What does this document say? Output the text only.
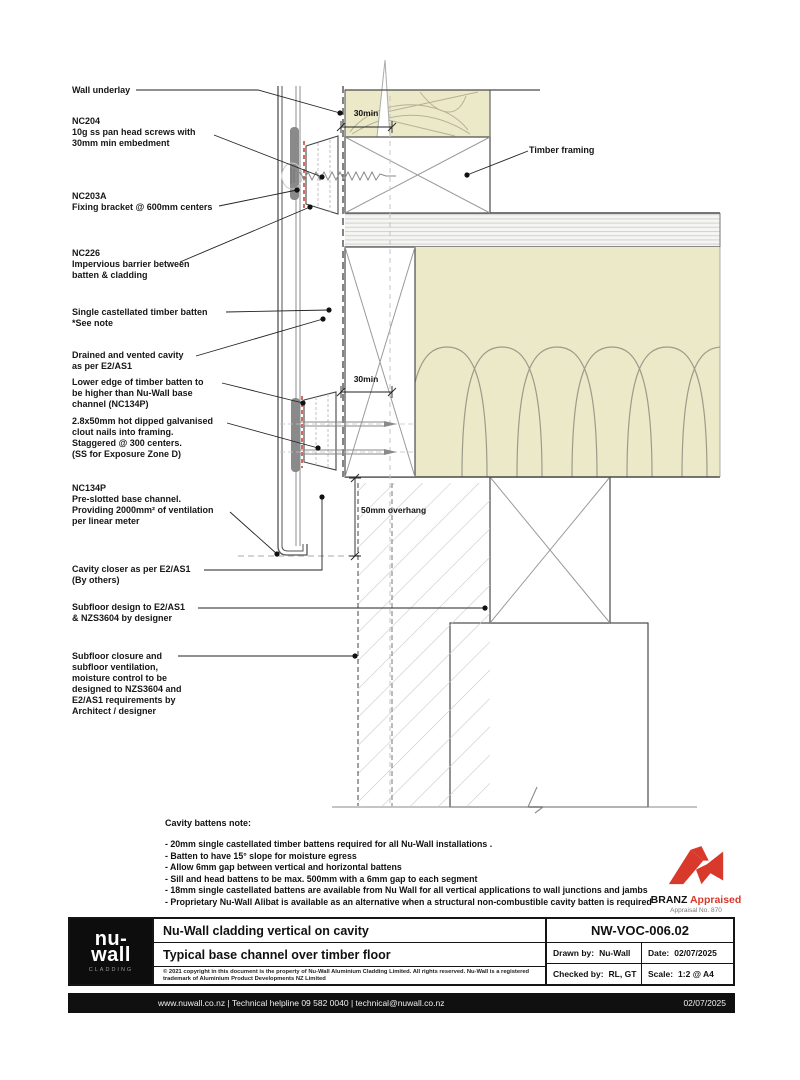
Wall underlay
NC204
10g ss pan head screws with
30mm min embedment
NC203A
Fixing bracket @ 600mm centers
NC226
Impervious barrier between
batten & cladding
Single castellated timber batten
*See note
Drained and vented cavity
as per E2/AS1
Lower edge of timber batten to
be higher than Nu-Wall base
channel (NC134P)
2.8x50mm hot dipped galvanised
clout nails into framing.
Staggered @ 300 centers.
(SS for Exposure Zone D)
NC134P
Pre-slotted base channel.
Providing 2000mm² of ventilation
per linear meter
Cavity closer as per E2/AS1
(By others)
Subfloor design to E2/AS1
& NZS3604 by designer
Subfloor closure and
subfloor ventilation,
moisture control to be
designed to NZS3604 and
E2/AS1 requirements by
Architect / designer
Timber framing
30min
30min
50mm overhang
Cavity battens note:
- 20mm single castellated timber battens required for all Nu-Wall installations .
- Batten to have 15° slope for moisture egress
- Allow 6mm gap between vertical and horizontal battens
- Sill and head battens to be max. 500mm with a 6mm gap to each segment
- 18mm single castellated battens are available from Nu Wall for all vertical applications to wall junctions and jambs
- Proprietary Nu-Wall Alibat is available as an alternative when a structural non-combustible cavity batten is required
BRANZ Appraised
Appraisal No. 870
nu-
wall
CLADDING
Nu-Wall cladding vertical on cavity
Typical base channel over timber floor
© 2021 copyright in this document is the property of Nu-Wall Aluminium Cladding Limited. All rights reserved. Nu-Wall is a registered trademark of Aluminium Product Developments NZ Limited
NW-VOC-006.02
Drawn by: Nu-Wall Date: 02/07/2025
Checked by: RL, GT Scale: 1:2 @ A4
www.nuwall.co.nz | Technical helpline 09 582 0040 | technical@nuwall.co.nz	02/07/2025
